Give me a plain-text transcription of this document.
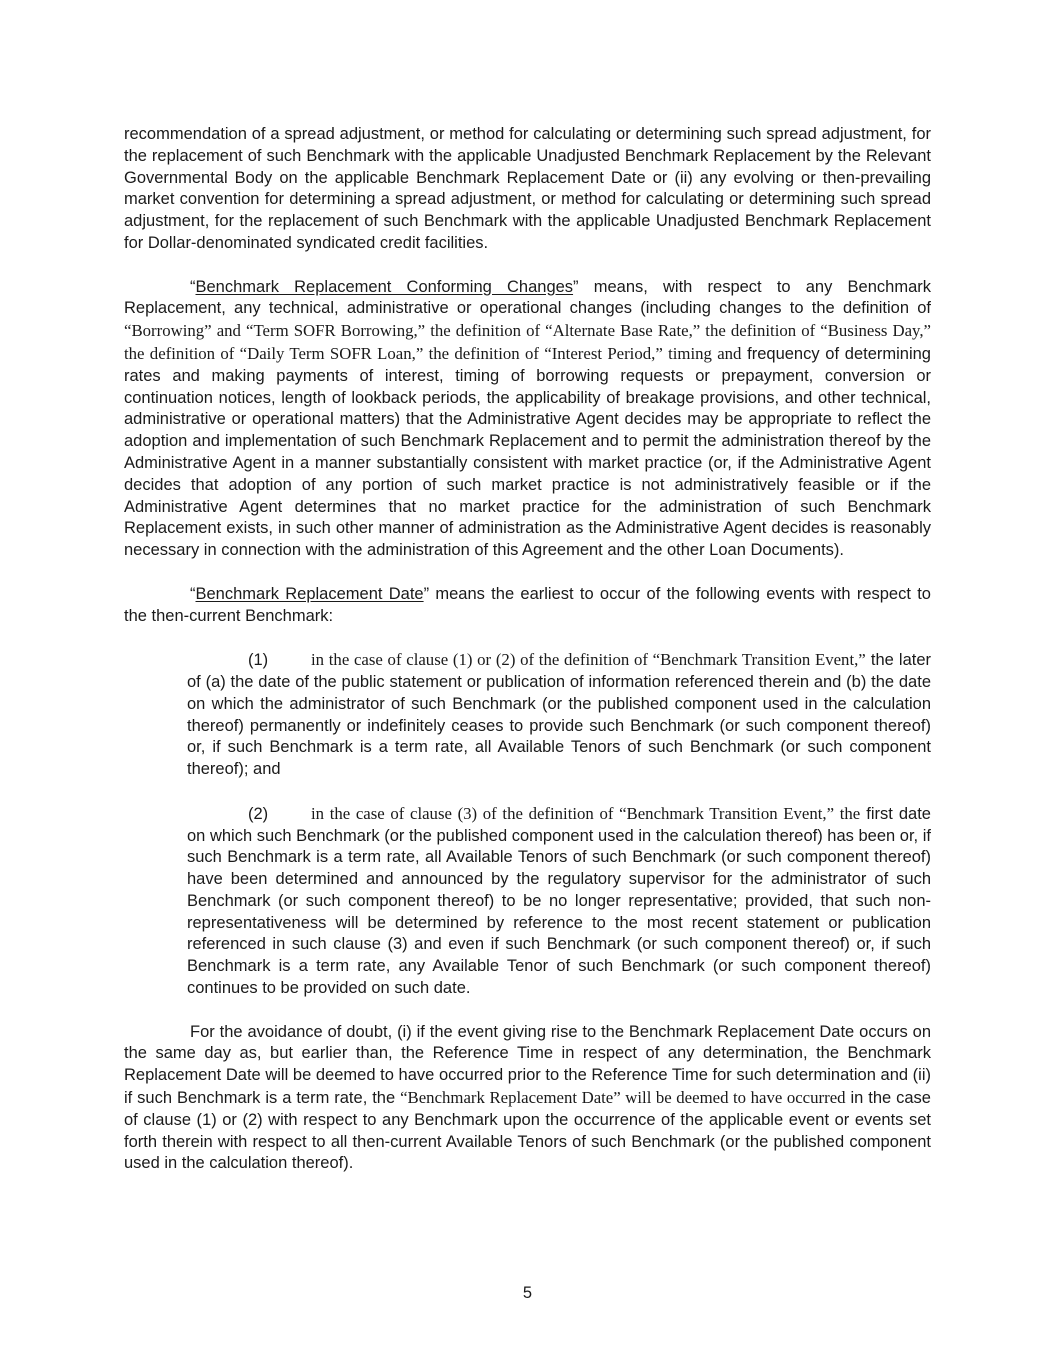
recommendation of a spread adjustment, or method for calculating or determining such spread adjustment, for the replacement of such Benchmark with the applicable Unadjusted Benchmark Replacement by the Relevant Governmental Body on the applicable Benchmark Replacement Date or (ii) any evolving or then-prevailing market convention for determining a spread adjustment, or method for calculating or determining such spread adjustment, for the replacement of such Benchmark with the applicable Unadjusted Benchmark Replacement for Dollar-denominated syndicated credit facilities.

“Benchmark Replacement Conforming Changes” means, with respect to any Benchmark Replacement, any technical, administrative or operational changes (including changes to the definition of “Borrowing” and “Term SOFR Borrowing,” the definition of “Alternate Base Rate,” the definition of “Business Day,” the definition of “Daily Term SOFR Loan,” the definition of “Interest Period,” timing and frequency of determining rates and making payments of interest, timing of borrowing requests or prepayment, conversion or continuation notices, length of lookback periods, the applicability of breakage provisions, and other technical, administrative or operational matters) that the Administrative Agent decides may be appropriate to reflect the adoption and implementation of such Benchmark Replacement and to permit the administration thereof by the Administrative Agent in a manner substantially consistent with market practice (or, if the Administrative Agent decides that adoption of any portion of such market practice is not administratively feasible or if the Administrative Agent determines that no market practice for the administration of such Benchmark Replacement exists, in such other manner of administration as the Administrative Agent decides is reasonably necessary in connection with the administration of this Agreement and the other Loan Documents).

“Benchmark Replacement Date” means the earliest to occur of the following events with respect to the then-current Benchmark:

(1)	in the case of clause (1) or (2) of the definition of “Benchmark Transition Event,” the later of (a) the date of the public statement or publication of information referenced therein and (b) the date on which the administrator of such Benchmark (or the published component used in the calculation thereof) permanently or indefinitely ceases to provide such Benchmark (or such component thereof) or, if such Benchmark is a term rate, all Available Tenors of such Benchmark (or such component thereof); and

(2)	in the case of clause (3) of the definition of “Benchmark Transition Event,” the first date on which such Benchmark (or the published component used in the calculation thereof) has been or, if such Benchmark is a term rate, all Available Tenors of such Benchmark (or such component thereof) have been determined and announced by the regulatory supervisor for the administrator of such Benchmark (or such component thereof) to be no longer representative; provided, that such non-representativeness will be determined by reference to the most recent statement or publication referenced in such clause (3) and even if such Benchmark (or such component thereof) or, if such Benchmark is a term rate, any Available Tenor of such Benchmark (or such component thereof) continues to be provided on such date.

For the avoidance of doubt, (i) if the event giving rise to the Benchmark Replacement Date occurs on the same day as, but earlier than, the Reference Time in respect of any determination, the Benchmark Replacement Date will be deemed to have occurred prior to the Reference Time for such determination and (ii) if such Benchmark is a term rate, the “Benchmark Replacement Date” will be deemed to have occurred in the case of clause (1) or (2) with respect to any Benchmark upon the occurrence of the applicable event or events set forth therein with respect to all then-current Available Tenors of such Benchmark (or the published component used in the calculation thereof).

5
